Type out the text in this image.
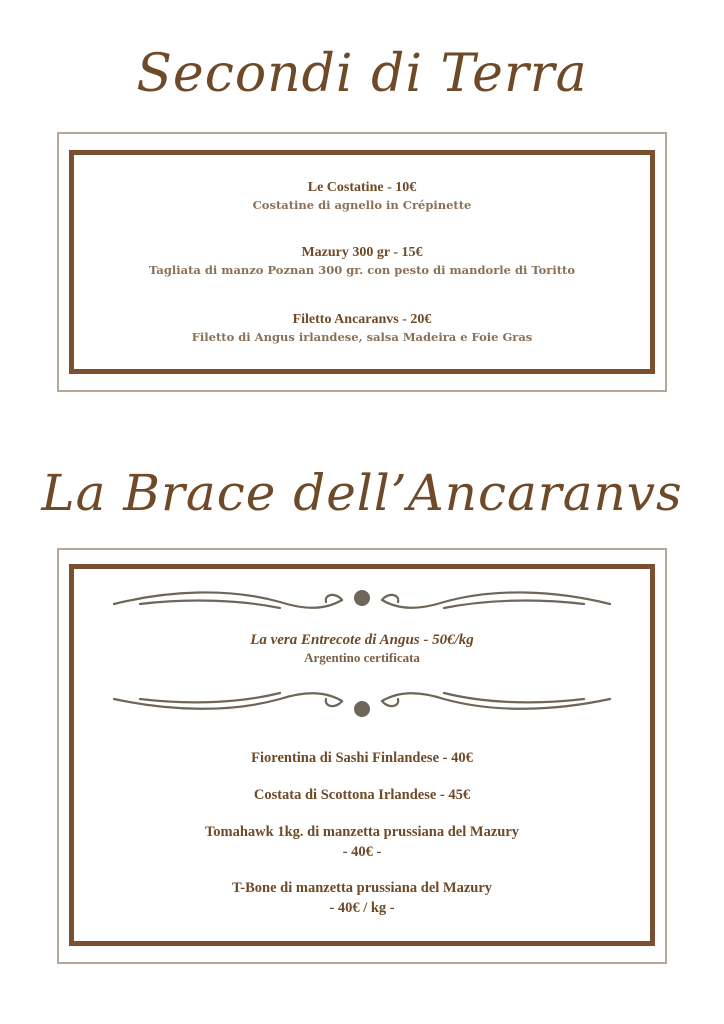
Secondi di Terra
Le Costatine - 10€
Costatine di agnello in Crépinette
Mazury 300 gr - 15€
Tagliata di manzo Poznan 300 gr. con pesto di mandorle di Toritto
Filetto Ancaranvs - 20€
Filetto di Angus irlandese, salsa Madeira e Foie Gras
La Brace dell’Ancaranvs
La vera Entrecote di Angus - 50€/kg
Argentino certificata
Fiorentina di Sashi Finlandese - 40€
Costata di Scottona Irlandese - 45€
Tomahawk 1kg. di manzetta prussiana del Mazury
- 40€ -
T-Bone di manzetta prussiana del Mazury
- 40€ / kg -
